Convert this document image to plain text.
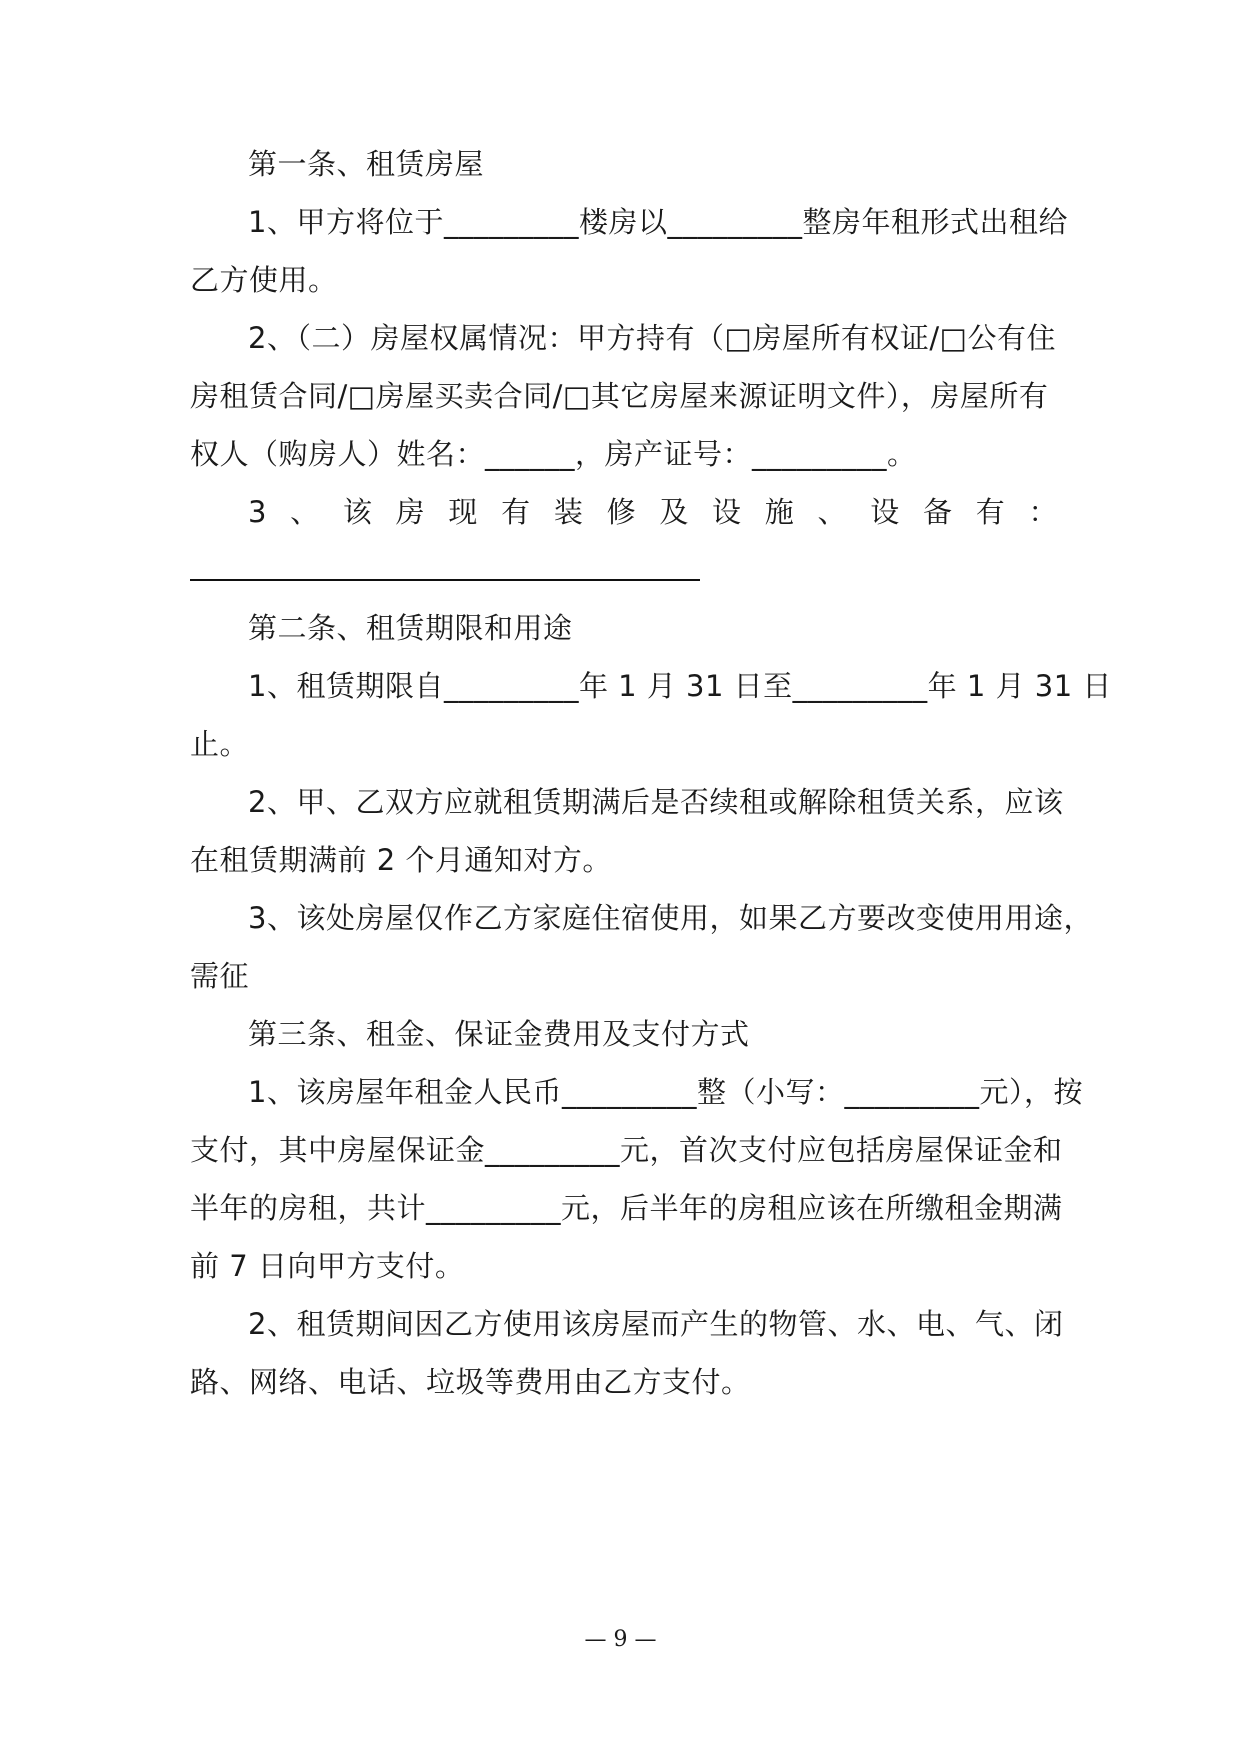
第一条、租赁房屋
1、甲方将位于_________楼房以_________整房年租形式出租给
乙方使用。
2、（二）房屋权属情况：甲方持有（□房屋所有权证/□公有住
房租赁合同/□房屋买卖合同/□其它房屋来源证明文件），房屋所有
权人（购房人）姓名：______，房产证号：_________。
3 、 该 房 现 有 装 修 及 设 施 、 设 备 有 ：
第二条、租赁期限和用途
1、租赁期限自_________年 1 月 31 日至_________年 1 月 31 日
止。
2、甲、乙双方应就租赁期满后是否续租或解除租赁关系，应该
在租赁期满前 2 个月通知对方。
3、该处房屋仅作乙方家庭住宿使用，如果乙方要改变使用用途，
需征
第三条、租金、保证金费用及支付方式
1、该房屋年租金人民币_________整（小写：_________元），按
支付，其中房屋保证金_________元，首次支付应包括房屋保证金和
半年的房租，共计_________元，后半年的房租应该在所缴租金期满
前 7 日向甲方支付。
2、租赁期间因乙方使用该房屋而产生的物管、水、电、气、闭
路、网络、电话、垃圾等费用由乙方支付。
— 9 —
